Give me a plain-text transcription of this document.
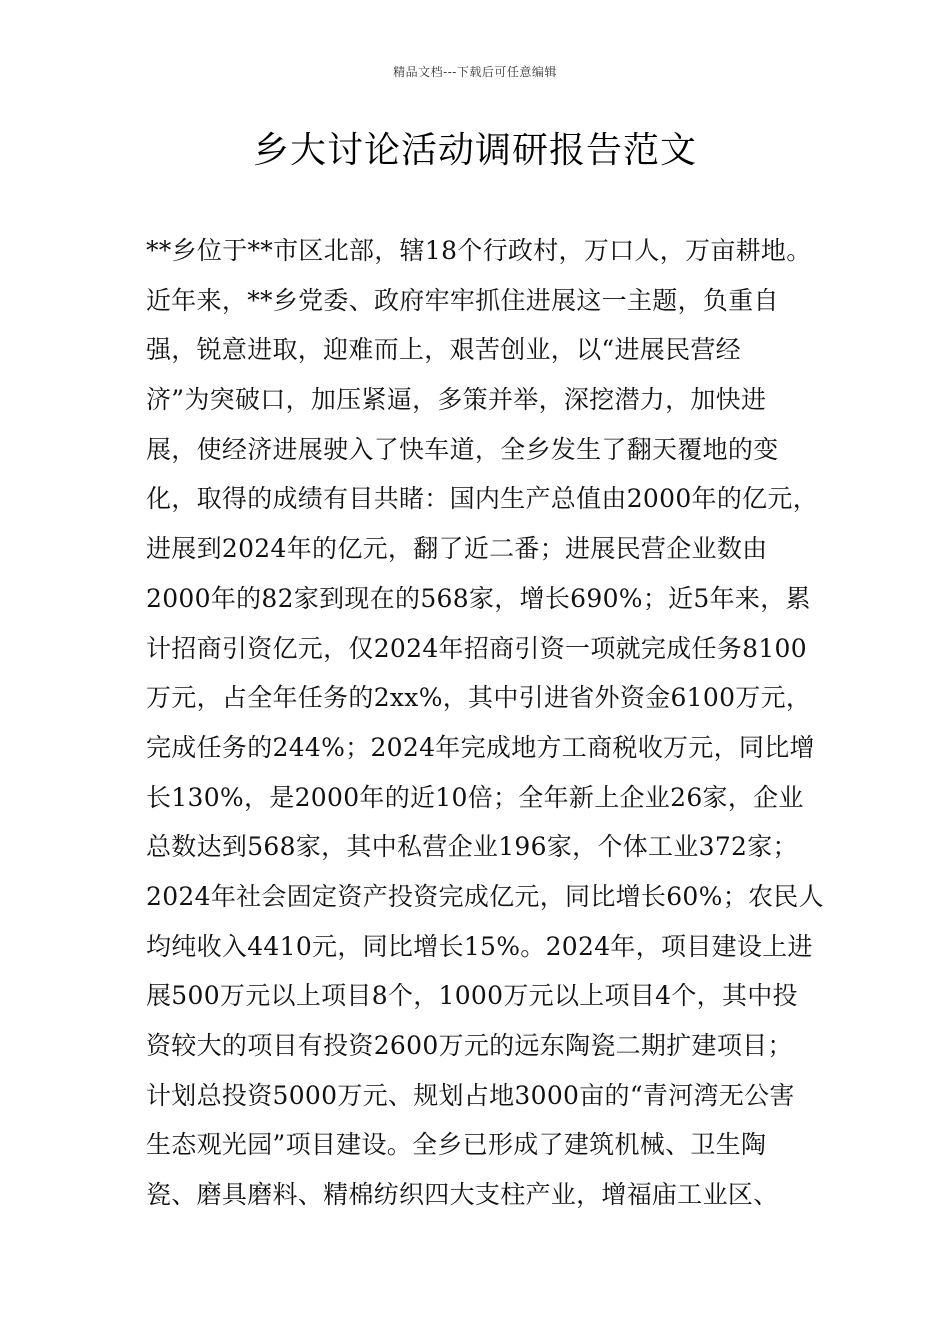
精品文档---下载后可任意编辑
乡大讨论活动调研报告范文
**乡位于**市区北部，辖18个行政村，万口人，万亩耕地。
近年来，**乡党委、政府牢牢抓住进展这一主题，负重自
强，锐意进取，迎难而上，艰苦创业，以“进展民营经
济”为突破口，加压紧逼，多策并举，深挖潜力，加快进
展，使经济进展驶入了快车道，全乡发生了翻天覆地的变
化，取得的成绩有目共睹：国内生产总值由2000年的亿元，
进展到2024年的亿元，翻了近二番；进展民营企业数由
2000年的82家到现在的568家，增长690%；近5年来，累
计招商引资亿元，仅2024年招商引资一项就完成任务8100
万元，占全年任务的2xx%，其中引进省外资金6100万元，
完成任务的244%；2024年完成地方工商税收万元，同比增
长130%，是2000年的近10倍；全年新上企业26家，企业
总数达到568家，其中私营企业196家，个体工业372家；
2024年社会固定资产投资完成亿元，同比增长60%；农民人
均纯收入4410元，同比增长15%。2024年，项目建设上进
展500万元以上项目8个，1000万元以上项目4个，其中投
资较大的项目有投资2600万元的远东陶瓷二期扩建项目；
计划总投资5000万元、规划占地3000亩的“青河湾无公害
生态观光园”项目建设。全乡已形成了建筑机械、卫生陶
瓷、磨具磨料、精棉纺织四大支柱产业，增福庙工业区、
